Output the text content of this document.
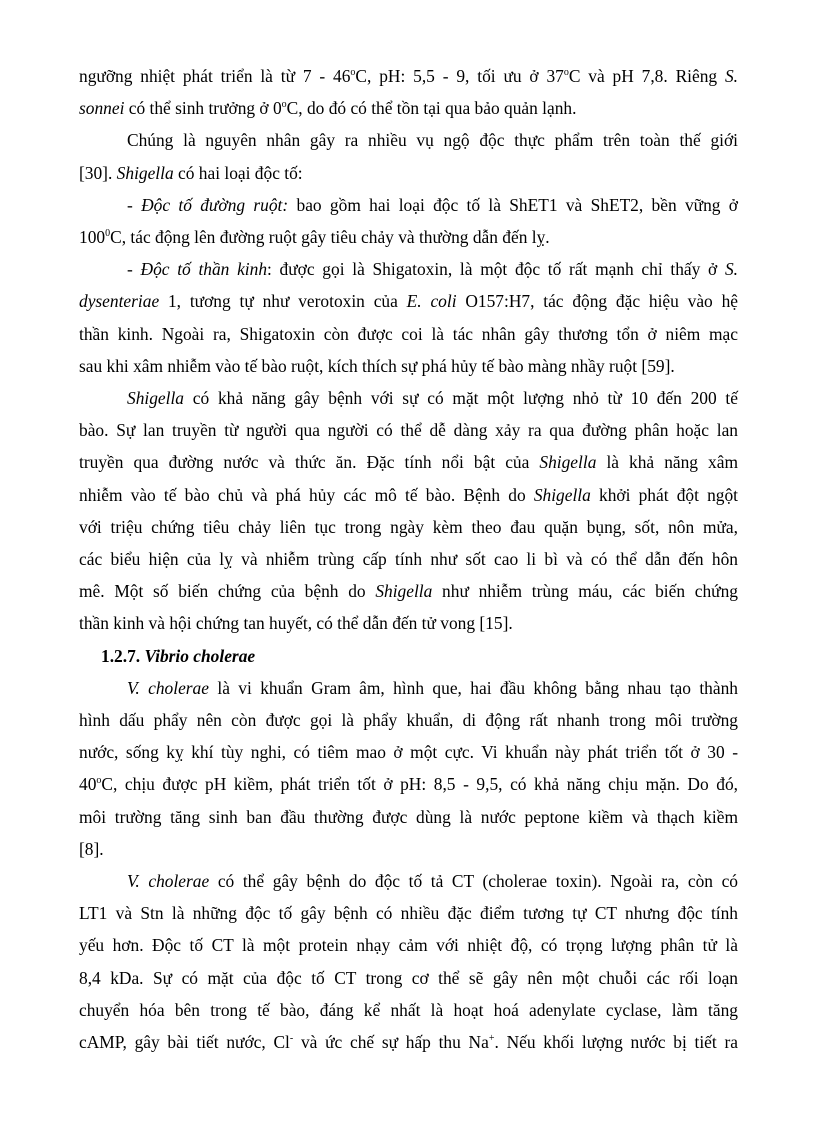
ngưỡng nhiệt phát triển là từ 7 - 46$^o$C, pH: 5,5 - 9, tối ưu ở 37$^o$C và pH 7,8. Riêng S.
sonnei có thể sinh trưởng ở 0$^o$C, do đó có thể tồn tại qua bảo quản lạnh.
Chúng là nguyên nhân gây ra nhiều vụ ngộ độc thực phẩm trên toàn thế giới
[30]. Shigella có hai loại độc tố:
- Độc tố đường ruột: bao gồm hai loại độc tố là ShET1 và ShET2, bền vững ở
$100^0C$, tác động lên đường ruột gây tiêu chảy và thường dẫn đến lỵ.
- Độc tố thần kinh: được gọi là Shigatoxin, là một độc tố rất mạnh chỉ thấy ở S.
dysenteriae 1, tương tự như verotoxin của E. coli O157:H7, tác động đặc hiệu vào hệ
thần kinh. Ngoài ra, Shigatoxin còn được coi là tác nhân gây thương tổn ở niêm mạc
sau khi xâm nhiễm vào tế bào ruột, kích thích sự phá hủy tế bào màng nhầy ruột [59].
Shigella có khả năng gây bệnh với sự có mặt một lượng nhỏ từ 10 đến 200 tế
bào. Sự lan truyền từ người qua người có thể dễ dàng xảy ra qua đường phân hoặc lan
truyền qua đường nước và thức ăn. Đặc tính nổi bật của Shigella là khả năng xâm
nhiễm vào tế bào chủ và phá hủy các mô tế bào. Bệnh do Shigella khởi phát đột ngột
với triệu chứng tiêu chảy liên tục trong ngày kèm theo đau quặn bụng, sốt, nôn mửa,
các biểu hiện của lỵ và nhiễm trùng cấp tính như sốt cao li bì và có thể dẫn đến hôn
mê. Một số biến chứng của bệnh do Shigella như nhiễm trùng máu, các biến chứng
thần kinh và hội chứng tan huyết, có thể dẫn đến tử vong [15].
1.2.7. Vibrio cholerae
V. cholerae là vi khuẩn Gram âm, hình que, hai đầu không bằng nhau tạo thành
hình dấu phẩy nên còn được gọi là phẩy khuẩn, di động rất nhanh trong môi trường
nước, sống kỵ khí tùy nghi, có tiêm mao ở một cực. Vi khuẩn này phát triển tốt ở 30 -
40$^o$C, chịu được pH kiềm, phát triển tốt ở pH: 8,5 - 9,5, có khả năng chịu mặn. Do đó,
môi trường tăng sinh ban đầu thường được dùng là nước peptone kiềm và thạch kiềm
[8].
V. cholerae có thể gây bệnh do độc tố tả CT (cholerae toxin). Ngoài ra, còn có
LT1 và Stn là những độc tố gây bệnh có nhiều đặc điểm tương tự CT nhưng độc tính
yếu hơn. Độc tố CT là một protein nhạy cảm với nhiệt độ, có trọng lượng phân tử là
8,4 kDa. Sự có mặt của độc tố CT trong cơ thể sẽ gây nên một chuỗi các rối loạn
chuyển hóa bên trong tế bào, đáng kể nhất là hoạt hoá adenylate cyclase, làm tăng
cAMP, gây bài tiết nước, Cl- và ức chế sự hấp thu Na+. Nếu khối lượng nước bị tiết ra
